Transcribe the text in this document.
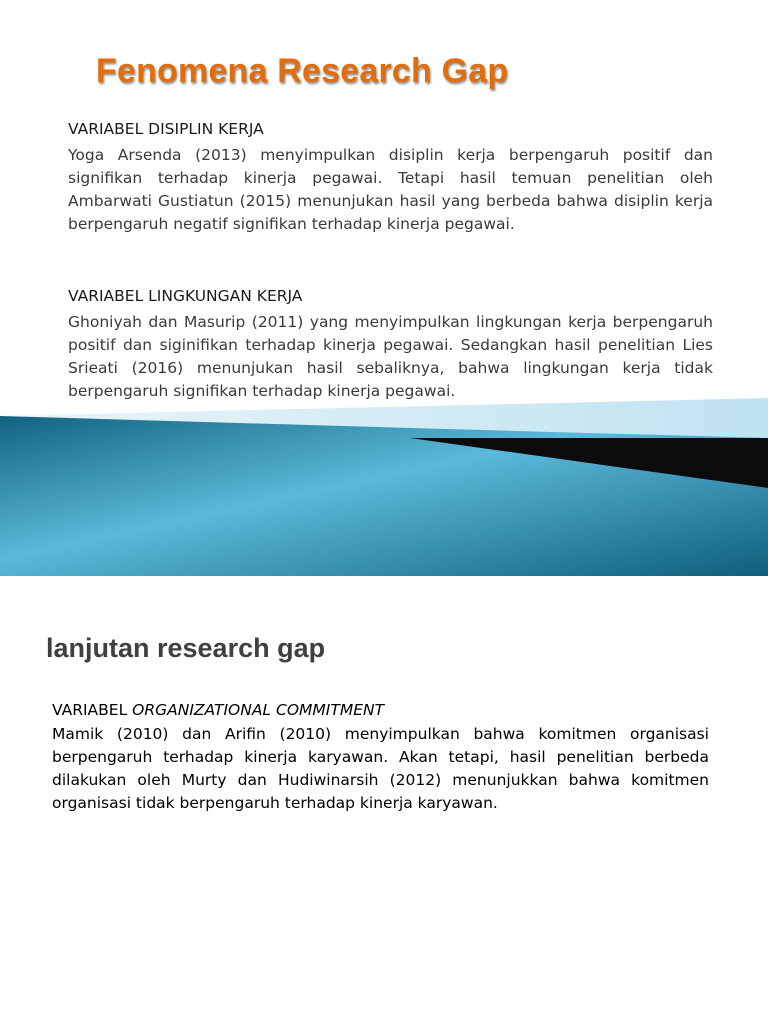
Fenomena Research Gap

VARIABEL DISIPLIN KERJA

Yoga Arsenda (2013) menyimpulkan disiplin kerja berpengaruh positif dan signifikan terhadap kinerja pegawai. Tetapi hasil temuan penelitian oleh Ambarwati Gustiatun (2015) menunjukan hasil yang berbeda bahwa disiplin kerja berpengaruh negatif signifikan terhadap kinerja pegawai.

VARIABEL LINGKUNGAN KERJA

Ghoniyah dan Masurip (2011) yang menyimpulkan lingkungan kerja berpengaruh positif dan siginifikan terhadap kinerja pegawai. Sedangkan hasil penelitian Lies Srieati (2016) menunjukan hasil sebaliknya, bahwa lingkungan kerja tidak berpengaruh signifikan terhadap kinerja pegawai.

lanjutan research gap

VARIABEL ORGANIZATIONAL COMMITMENT

Mamik (2010) dan Arifin (2010) menyimpulkan bahwa komitmen organisasi berpengaruh terhadap kinerja karyawan. Akan tetapi, hasil penelitian berbeda dilakukan oleh Murty dan Hudiwinarsih (2012) menunjukkan bahwa komitmen organisasi tidak berpengaruh terhadap kinerja karyawan.
